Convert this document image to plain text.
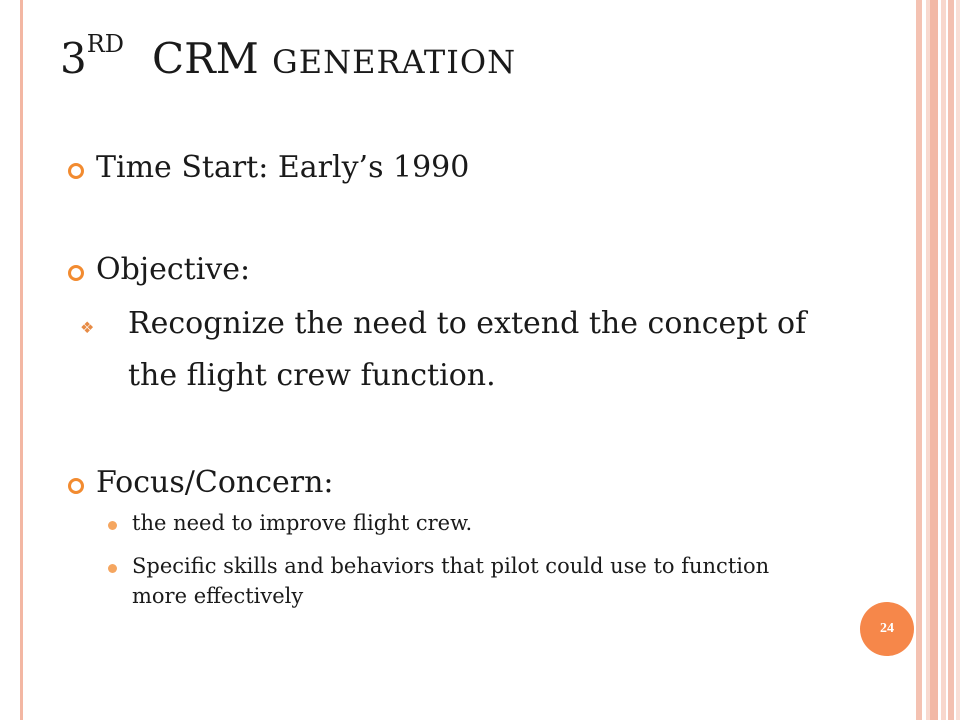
3RD CRM GENERATION
Time Start: Early’s 1990
Objective:
❖ Recognize the need to extend the concept of
the flight crew function.
Focus/Concern:
the need to improve flight crew.
Specific skills and behaviors that pilot could use to function
more effectively
24
